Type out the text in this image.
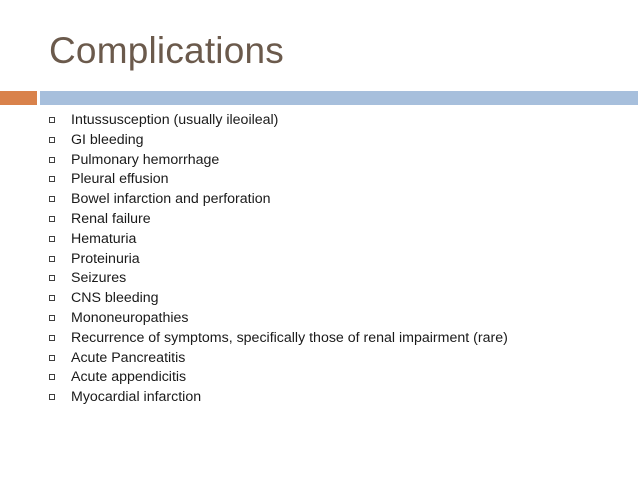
Complications
Intussusception (usually ileoileal)
GI bleeding
Pulmonary hemorrhage
Pleural effusion
Bowel infarction and perforation
Renal failure
Hematuria
Proteinuria
Seizures
CNS bleeding
Mononeuropathies
Recurrence of symptoms, specifically those of renal impairment (rare)
Acute Pancreatitis
Acute appendicitis
Myocardial infarction
